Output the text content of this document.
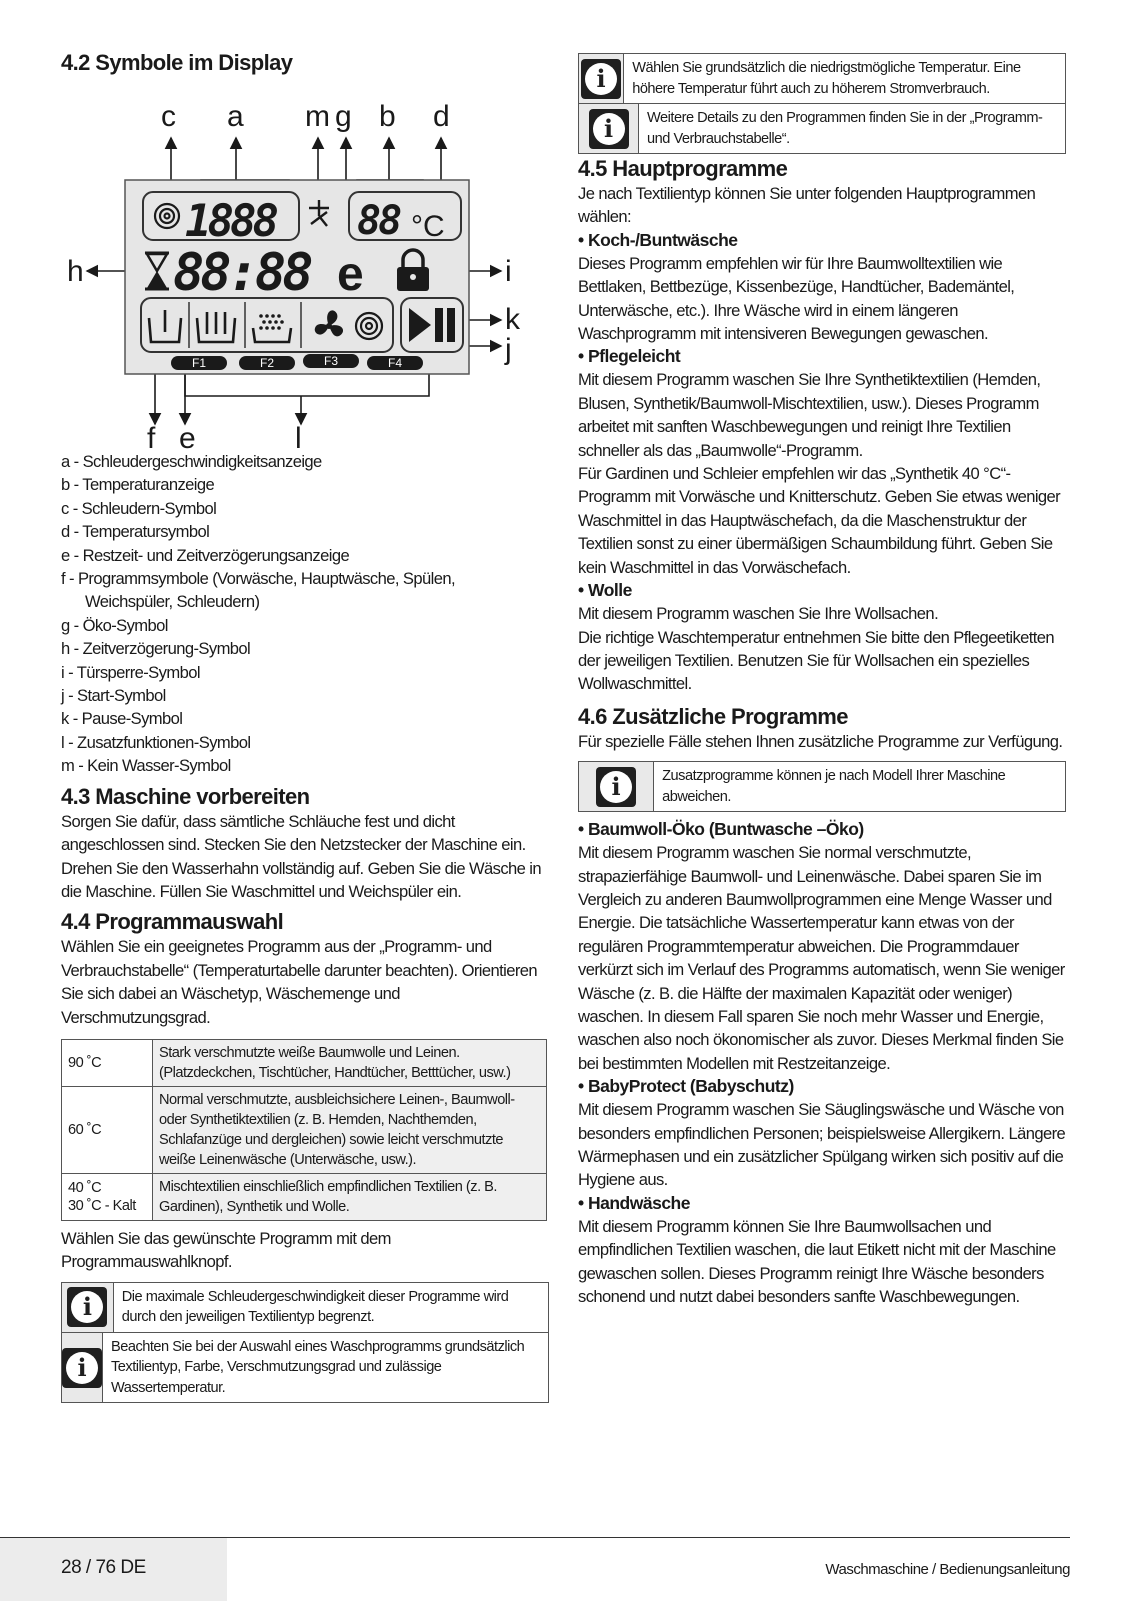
4.2 Symbole im Display
c a m g b d
h	i
k
j
f e	l
1888 88 °C
88:88 e
F1	F2	F3	F4

a - Schleudergeschwindigkeitsanzeige

b - Temperaturanzeige

c - Schleudern-Symbol

d - Temperatursymbol

e - Restzeit- und Zeitverzögerungsanzeige

f - Programmsymbole (Vorwäsche, Hauptwäsche, Spülen,

Weichspüler, Schleudern)

g - Öko-Symbol

h - Zeitverzögerung-Symbol

i - Türsperre-Symbol

j - Start-Symbol

k - Pause-Symbol

l - Zusatzfunktionen-Symbol

m - Kein Wasser-Symbol

4.3 Maschine vorbereiten

Sorgen Sie dafür, dass sämtliche Schläuche fest und dicht angeschlossen sind. Stecken Sie den Netzstecker der Maschine ein. Drehen Sie den Wasserhahn vollständig auf. Geben Sie die Wäsche in die Maschine. Füllen Sie Waschmittel und Weichspüler ein.

4.4 Programmauswahl

Wählen Sie ein geeignetes Programm aus der „Programm- und Verbrauchstabelle“ (Temperaturtabelle darunter beachten). Orientieren Sie sich dabei an Wäschetyp, Wäschemenge und Verschmutzungsgrad.

90 ˚C	Stark verschmutzte weiße Baumwolle und Leinen. (Platzdeckchen, Tischtücher, Handtücher, Betttücher, usw.)
60 ˚C	Normal verschmutzte, ausbleichsichere Leinen-, Baumwoll- oder Synthetiktextilien (z. B. Hemden, Nachthemden, Schlafanzüge und dergleichen) sowie leicht verschmutzte weiße Leinenwäsche (Unterwäsche, usw.).

40 ˚C
30 ˚C - Kalt	Mischtextilien einschließlich empfindlichen Textilien (z. B. Gardinen), Synthetik und Wolle.

Wählen Sie das gewünschte Programm mit dem Programmauswahlknopf.

i	Die maximale Schleudergeschwindigkeit dieser Programme wird durch den jeweiligen Textilientyp begrenzt.
i
Beachten Sie bei der Auswahl eines Waschprogramms grundsätzlich Textilientyp, Farbe, Verschmutzungsgrad und zulässige Wassertemperatur.
i	Wählen Sie grundsätzlich die niedrigstmögliche Temperatur. Eine höhere Temperatur führt auch zu höherem Stromverbrauch.
i	Weitere Details zu den Programmen finden Sie in der „Programm- und Verbrauchstabelle“.
4.5 Hauptprogramme

Je nach Textilientyp können Sie unter folgenden Hauptprogrammen wählen:

• Koch-/Buntwäsche

Dieses Programm empfehlen wir für Ihre Baumwolltextilien wie Bettlaken, Bettbezüge, Kissenbezüge, Handtücher, Bademäntel, Unterwäsche, etc.). Ihre Wäsche wird in einem längeren Waschprogramm mit intensiveren Bewegungen gewaschen.

• Pflegeleicht

Mit diesem Programm waschen Sie Ihre Synthetiktextilien (Hemden, Blusen, Synthetik/Baumwoll-Mischtextilien, usw.). Dieses Programm arbeitet mit sanften Waschbewegungen und reinigt Ihre Textilien schneller als das „Baumwolle“-Programm.

Für Gardinen und Schleier empfehlen wir das „Synthetik 40 °C“-Programm mit Vorwäsche und Knitterschutz. Geben Sie etwas weniger Waschmittel in das Hauptwäschefach, da die Maschenstruktur der Textilien sonst zu einer übermäßigen Schaumbildung führt. Geben Sie kein Waschmittel in das Vorwäschefach.

• Wolle

Mit diesem Programm waschen Sie Ihre Wollsachen.

Die richtige Waschtemperatur entnehmen Sie bitte den Pflegeetiketten der jeweiligen Textilien. Benutzen Sie für Wollsachen ein spezielles Wollwaschmittel.

4.6 Zusätzliche Programme

Für spezielle Fälle stehen Ihnen zusätzliche Programme zur Verfügung.

i	Zusatzprogramme können je nach Modell Ihrer Maschine abweichen.
• Baumwoll-Öko (Buntwasche –Öko)

Mit diesem Programm waschen Sie normal verschmutzte, strapazierfähige Baumwoll- und Leinenwäsche. Dabei sparen Sie im Vergleich zu anderen Baumwollprogrammen eine Menge Wasser und Energie. Die tatsächliche Wassertemperatur kann etwas von der regulären Programmtemperatur abweichen. Die Programmdauer verkürzt sich im Verlauf des Programms automatisch, wenn Sie weniger Wäsche (z. B. die Hälfte der maximalen Kapazität oder weniger) waschen. In diesem Fall sparen Sie noch mehr Wasser und Energie, waschen also noch ökonomischer als zuvor. Dieses Merkmal finden Sie bei bestimmten Modellen mit Restzeitanzeige.

• BabyProtect (Babyschutz)

Mit diesem Programm waschen Sie Säuglingswäsche und Wäsche von besonders empfindlichen Personen; beispielsweise Allergikern. Längere Wärmephasen und ein zusätzlicher Spülgang wirken sich positiv auf die Hygiene aus.

• Handwäsche

Mit diesem Programm können Sie Ihre Baumwollsachen und empfindlichen Textilien waschen, die laut Etikett nicht mit der Maschine gewaschen sollen. Dieses Programm reinigt Ihre Wäsche besonders schonend und nutzt dabei besonders sanfte Waschbewegungen.

28 / 76 DE	Waschmaschine / Bedienungsanleitung
